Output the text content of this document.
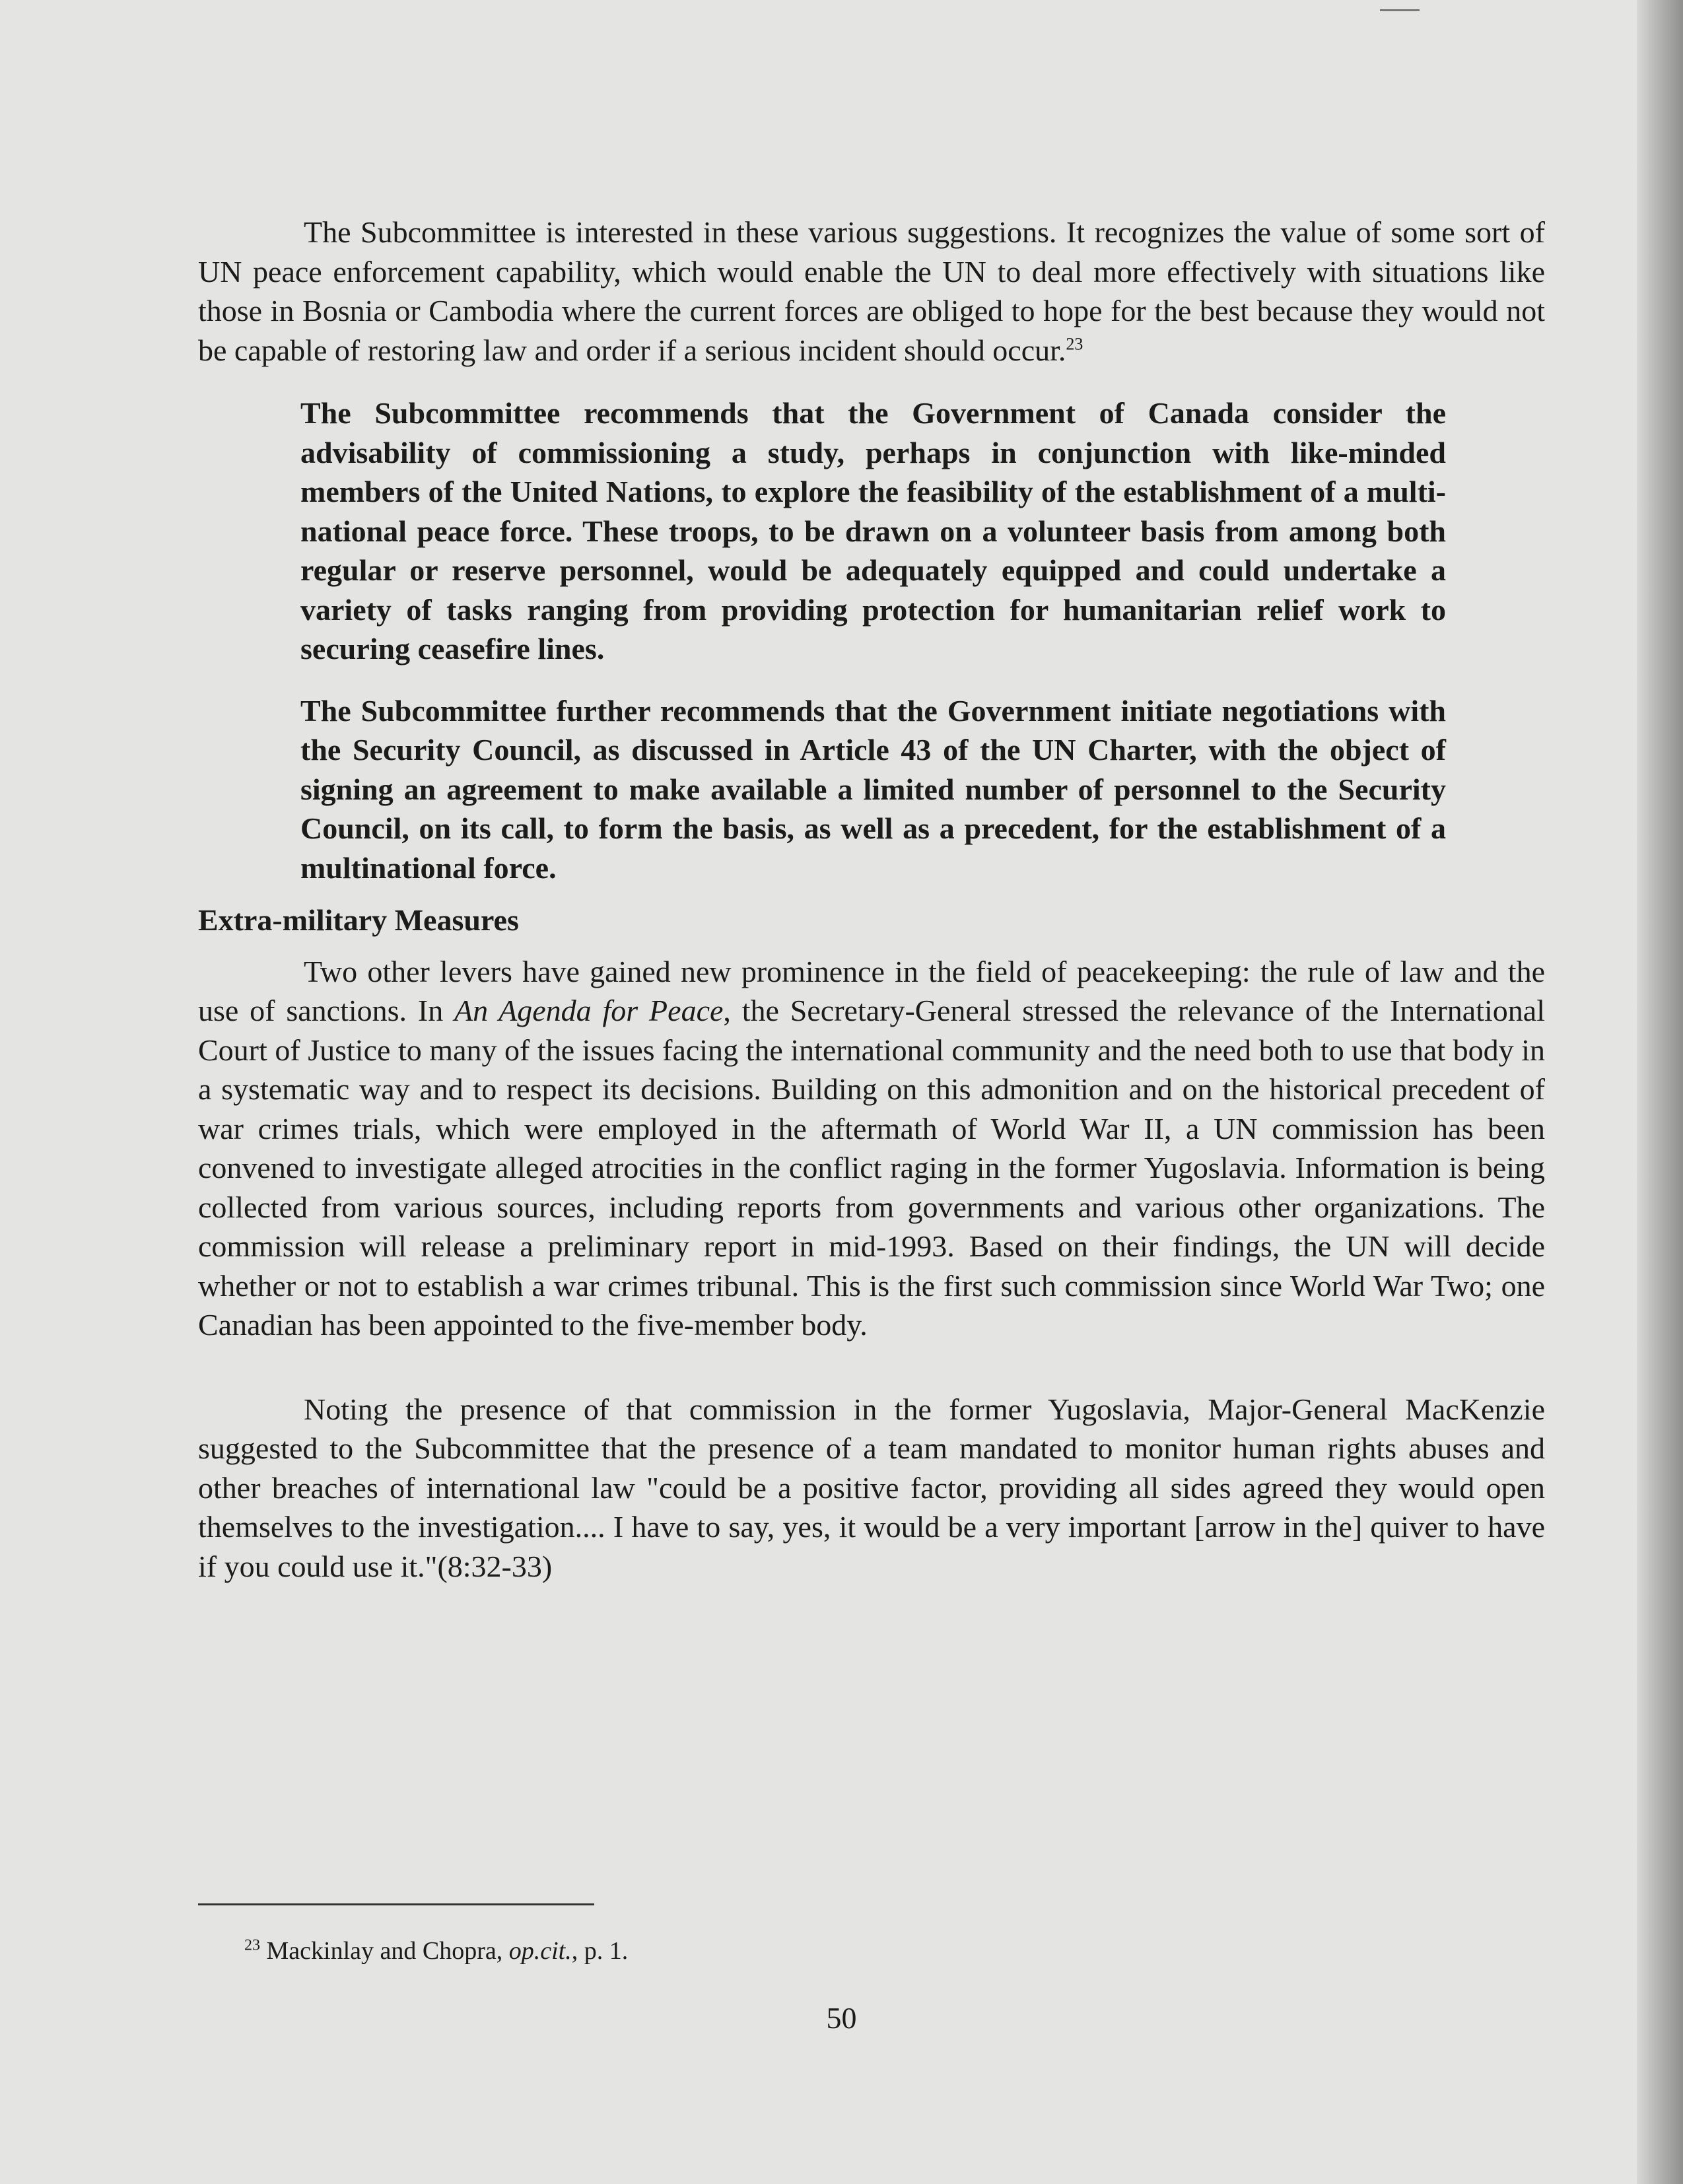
The Subcommittee is interested in these various suggestions. It recognizes the value of some sort of UN peace enforcement capability, which would enable the UN to deal more effectively with situations like those in Bosnia or Cambodia where the current forces are obliged to hope for the best because they would not be capable of restoring law and order if a serious incident should occur.$^{23}$

The Subcommittee recommends that the Government of Canada consider the advisability of commissioning a study, perhaps in conjunction with like-minded members of the United Nations, to explore the feasibility of the establishment of a multi-national peace force. These troops, to be drawn on a volunteer basis from among both regular or reserve personnel, would be adequately equipped and could undertake a variety of tasks ranging from providing protection for humanitarian relief work to securing ceasefire lines.

The Subcommittee further recommends that the Government initiate negotiations with the Security Council, as discussed in Article 43 of the UN Charter, with the object of signing an agreement to make available a limited number of personnel to the Security Council, on its call, to form the basis, as well as a precedent, for the establishment of a multinational force.

Extra-military Measures

Two other levers have gained new prominence in the field of peacekeeping: the rule of law and the use of sanctions. In An Agenda for Peace, the Secretary-General stressed the relevance of the International Court of Justice to many of the issues facing the international community and the need both to use that body in a systematic way and to respect its decisions. Building on this admonition and on the historical precedent of war crimes trials, which were employed in the aftermath of World War II, a UN commission has been convened to investigate alleged atrocities in the conflict raging in the former Yugoslavia. Information is being collected from various sources, including reports from governments and various other organizations. The commission will release a preliminary report in mid-1993. Based on their findings, the UN will decide whether or not to establish a war crimes tribunal. This is the first such commission since World War Two; one Canadian has been appointed to the five-member body.

Noting the presence of that commission in the former Yugoslavia, Major-General MacKenzie suggested to the Subcommittee that the presence of a team mandated to monitor human rights abuses and other breaches of international law "could be a positive factor, providing all sides agreed they would open themselves to the investigation.... I have to say, yes, it would be a very important [arrow in the] quiver to have if you could use it."(8:32-33)

$^{23}$ Mackinlay and Chopra, op.cit., p. 1.
50
